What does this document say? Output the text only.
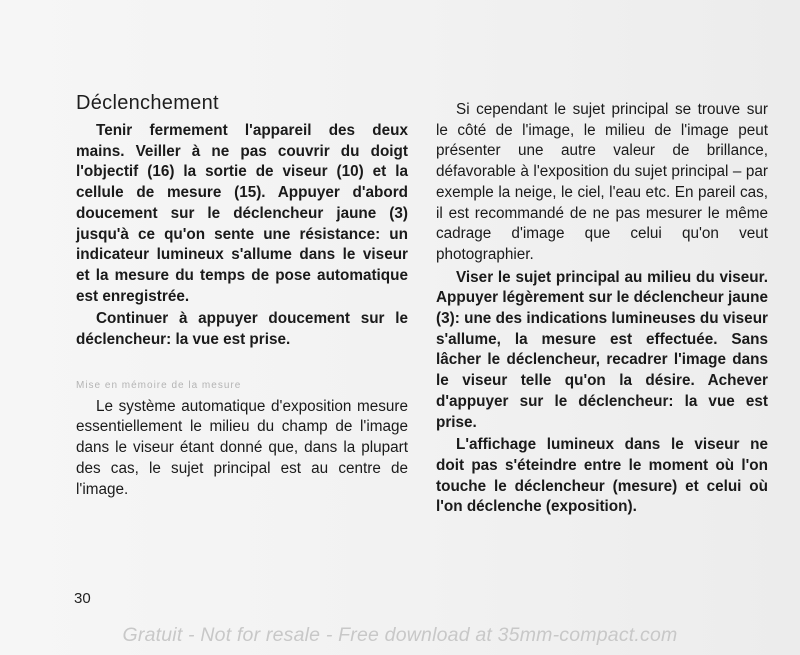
Déclenchement

Tenir fermement l'appareil des deux mains. Veiller à ne pas couvrir du doigt l'objectif (16) la sortie de viseur (10) et la cellule de mesure (15). Appuyer d'abord doucement sur le déclencheur jaune (3) jusqu'à ce qu'on sente une résistance: un indicateur lumineux s'allume dans le viseur et la mesure du temps de pose automatique est enregistrée.

Continuer à appuyer doucement sur le déclencheur: la vue est prise.

Mise en mémoire de la mesure

Le système automatique d'exposition mesure essentiellement le milieu du champ de l'image dans le viseur étant donné que, dans la plupart des cas, le sujet principal est au centre de l'image.

Si cependant le sujet principal se trouve sur le côté de l'image, le milieu de l'image peut présenter une autre valeur de brillance, défavorable à l'exposition du sujet principal – par exemple la neige, le ciel, l'eau etc. En pareil cas, il est recommandé de ne pas mesurer le même cadrage d'image que celui qu'on veut photographier.

Viser le sujet principal au milieu du viseur. Appuyer légèrement sur le déclencheur jaune (3): une des indications lumineuses du viseur s'allume, la mesure est effectuée. Sans lâcher le déclencheur, recadrer l'image dans le viseur telle qu'on la désire. Achever d'appuyer sur le déclencheur: la vue est prise.

L'affichage lumineux dans le viseur ne doit pas s'éteindre entre le moment où l'on touche le déclencheur (mesure) et celui où l'on déclenche (exposition).

30
Gratuit - Not for resale - Free download at 35mm-compact.com
